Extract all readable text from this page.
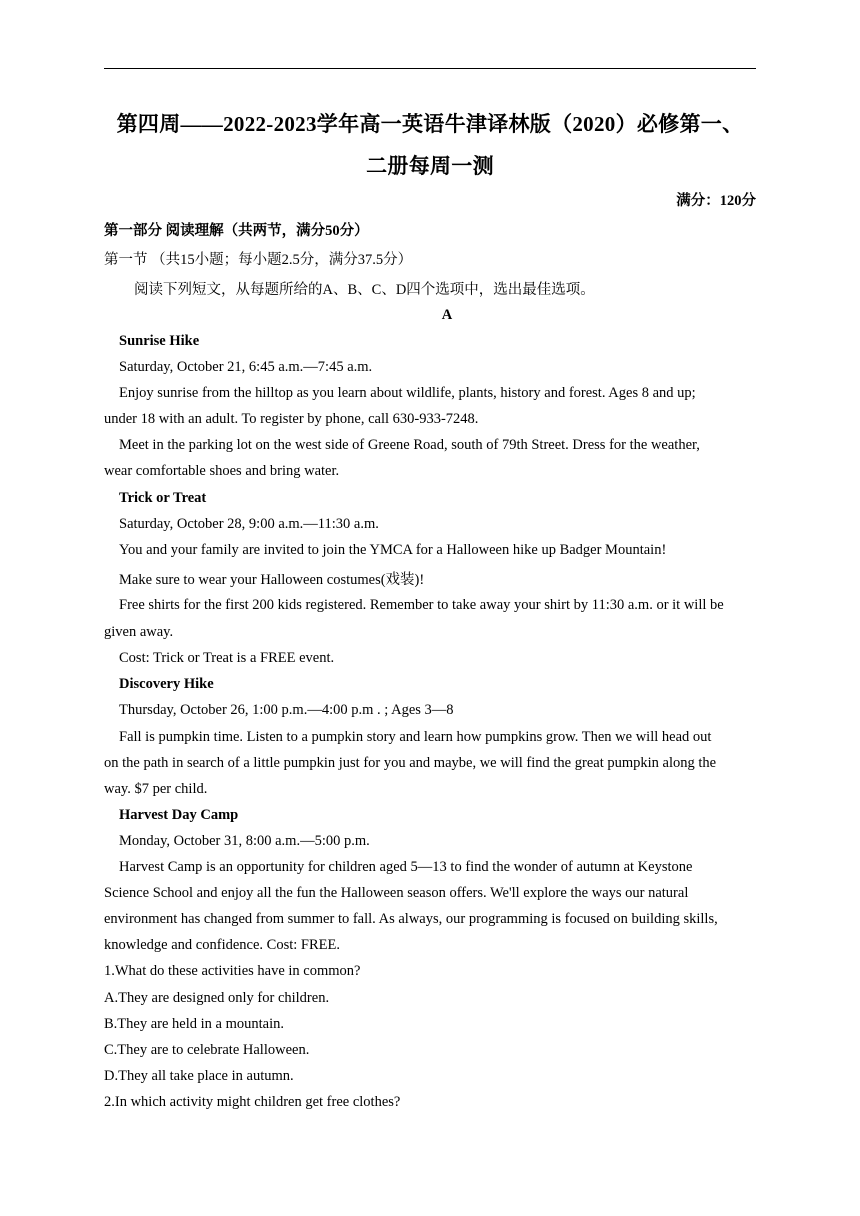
第四周——2022-2023学年高一英语牛津译林版（2020）必修第一、
二册每周一测
满分：120分
第一部分 阅读理解（共两节，满分50分）
第一节 （共15小题；每小题2.5分，满分37.5分）
阅读下列短文，从每题所给的A、B、C、D四个选项中，选出最佳选项。
A
Sunrise Hike
Saturday, October 21, 6:45 a.m.—7:45 a.m.
Enjoy sunrise from the hilltop as you learn about wildlife, plants, history and forest. Ages 8 and up;
under 18 with an adult. To register by phone, call 630-933-7248.
Meet in the parking lot on the west side of Greene Road, south of 79th Street. Dress for the weather,
wear comfortable shoes and bring water.
Trick or Treat
Saturday, October 28, 9:00 a.m.—11:30 a.m.
You and your family are invited to join the YMCA for a Halloween hike up Badger Mountain!
Make sure to wear your Halloween costumes(戏装)!
Free shirts for the first 200 kids registered. Remember to take away your shirt by 11:30 a.m. or it will be
given away.
Cost: Trick or Treat is a FREE event.
Discovery Hike
Thursday, October 26, 1:00 p.m.—4:00 p.m . ; Ages 3—8
Fall is pumpkin time. Listen to a pumpkin story and learn how pumpkins grow. Then we will head out
on the path in search of a little pumpkin just for you and maybe, we will find the great pumpkin along the
way. $7 per child.
Harvest Day Camp
Monday, October 31, 8:00 a.m.—5:00 p.m.
Harvest Camp is an opportunity for children aged 5—13 to find the wonder of autumn at Keystone
Science School and enjoy all the fun the Halloween season offers. We'll explore the ways our natural
environment has changed from summer to fall. As always, our programming is focused on building skills,
knowledge and confidence. Cost: FREE.
1.What do these activities have in common?
A.They are designed only for children.
B.They are held in a mountain.
C.They are to celebrate Halloween.
D.They all take place in autumn.
2.In which activity might children get free clothes?
